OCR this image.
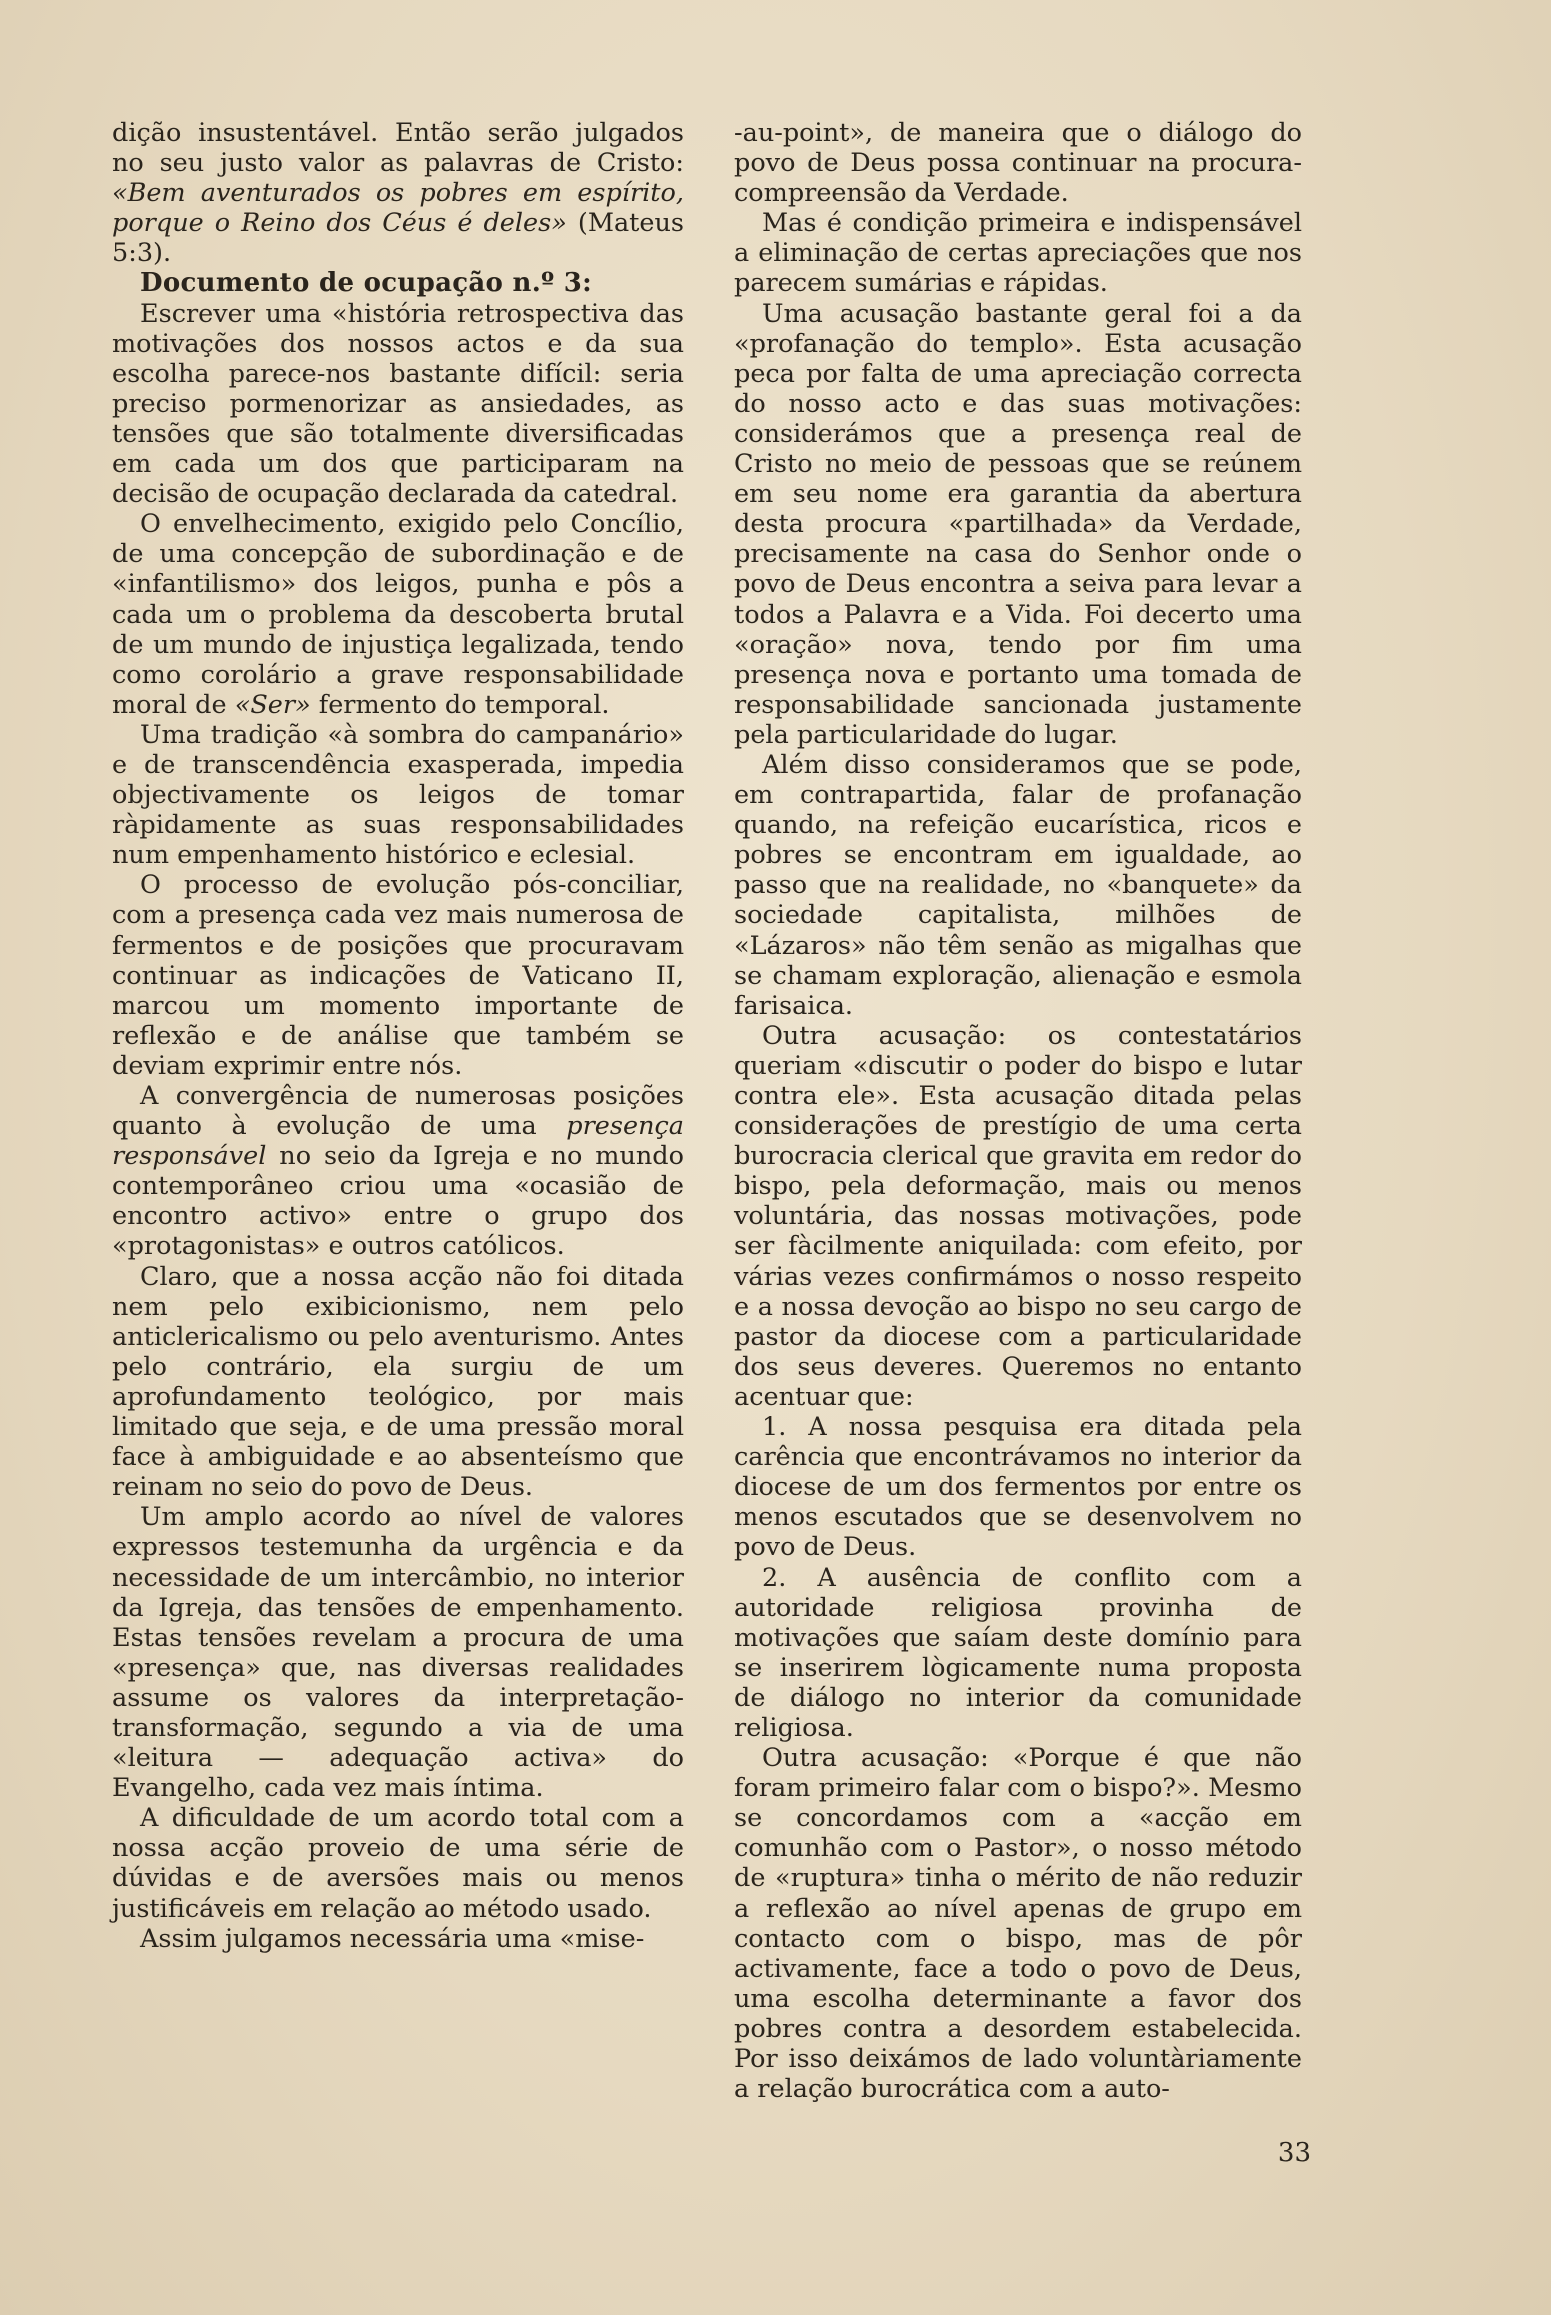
dição insustentável. Então serão julgados no seu justo valor as palavras de Cristo: «Bem aventurados os pobres em espírito, porque o Reino dos Céus é deles» (Mateus 5:3).

Documento de ocupação n.º 3:

Escrever uma «história retrospectiva das motivações dos nossos actos e da sua escolha parece-nos bastante difícil: seria preciso pormenorizar as ansiedades, as tensões que são totalmente diversificadas em cada um dos que participaram na decisão de ocupação declarada da catedral.

O envelhecimento, exigido pelo Concílio, de uma concepção de subordinação e de «infantilismo» dos leigos, punha e pôs a cada um o problema da descoberta brutal de um mundo de injustiça legalizada, tendo como corolário a grave responsabilidade moral de «Ser» fermento do temporal.

Uma tradição «à sombra do campanário» e de transcendência exasperada, impedia objectivamente os leigos de tomar ràpidamente as suas responsabilidades num empenhamento histórico e eclesial.

O processo de evolução pós-conciliar, com a presença cada vez mais numerosa de fermentos e de posições que procuravam continuar as indicações de Vaticano II, marcou um momento importante de reflexão e de análise que também se deviam exprimir entre nós.

A convergência de numerosas posições quanto à evolução de uma presença responsável no seio da Igreja e no mundo contemporâneo criou uma «ocasião de encontro activo» entre o grupo dos «protagonistas» e outros católicos.

Claro, que a nossa acção não foi ditada nem pelo exibicionismo, nem pelo anticlericalismo ou pelo aventurismo. Antes pelo contrário, ela surgiu de um aprofundamento teológico, por mais limitado que seja, e de uma pressão moral face à ambiguidade e ao absenteísmo que reinam no seio do povo de Deus.

Um amplo acordo ao nível de valores expressos testemunha da urgência e da necessidade de um intercâmbio, no interior da Igreja, das tensões de empenhamento. Estas tensões revelam a procura de uma «presença» que, nas diversas realidades assume os valores da interpretação-transformação, segundo a via de uma «leitura — adequação activa» do Evangelho, cada vez mais íntima.

A dificuldade de um acordo total com a nossa acção proveio de uma série de dúvidas e de aversões mais ou menos justificáveis em relação ao método usado.

Assim julgamos necessária uma «mise-

-au-point», de maneira que o diálogo do povo de Deus possa continuar na procura-compreensão da Verdade.

Mas é condição primeira e indispensável a eliminação de certas apreciações que nos parecem sumárias e rápidas.

Uma acusação bastante geral foi a da «profanação do templo». Esta acusação peca por falta de uma apreciação correcta do nosso acto e das suas motivações: considerámos que a presença real de Cristo no meio de pessoas que se reúnem em seu nome era garantia da abertura desta procura «partilhada» da Verdade, precisamente na casa do Senhor onde o povo de Deus encontra a seiva para levar a todos a Palavra e a Vida. Foi decerto uma «oração» nova, tendo por fim uma presença nova e portanto uma tomada de responsabilidade sancionada justamente pela particularidade do lugar.

Além disso consideramos que se pode, em contrapartida, falar de profanação quando, na refeição eucarística, ricos e pobres se encontram em igualdade, ao passo que na realidade, no «banquete» da sociedade capitalista, milhões de «Lázaros» não têm senão as migalhas que se chamam exploração, alienação e esmola farisaica.

Outra acusação: os contestatários queriam «discutir o poder do bispo e lutar contra ele». Esta acusação ditada pelas considerações de prestígio de uma certa burocracia clerical que gravita em redor do bispo, pela deformação, mais ou menos voluntária, das nossas motivações, pode ser fàcilmente aniquilada: com efeito, por várias vezes confirmámos o nosso respeito e a nossa devoção ao bispo no seu cargo de pastor da diocese com a particularidade dos seus deveres. Queremos no entanto acentuar que:

1. A nossa pesquisa era ditada pela carência que encontrávamos no interior da diocese de um dos fermentos por entre os menos escutados que se desenvolvem no povo de Deus.

2. A ausência de conflito com a autoridade religiosa provinha de motivações que saíam deste domínio para se inserirem lògicamente numa proposta de diálogo no interior da comunidade religiosa.

Outra acusação: «Porque é que não foram primeiro falar com o bispo?». Mesmo se concordamos com a «acção em comunhão com o Pastor», o nosso método de «ruptura» tinha o mérito de não reduzir a reflexão ao nível apenas de grupo em contacto com o bispo, mas de pôr activamente, face a todo o povo de Deus, uma escolha determinante a favor dos pobres contra a desordem estabelecida. Por isso deixámos de lado voluntàriamente a relação burocrática com a auto-

33
